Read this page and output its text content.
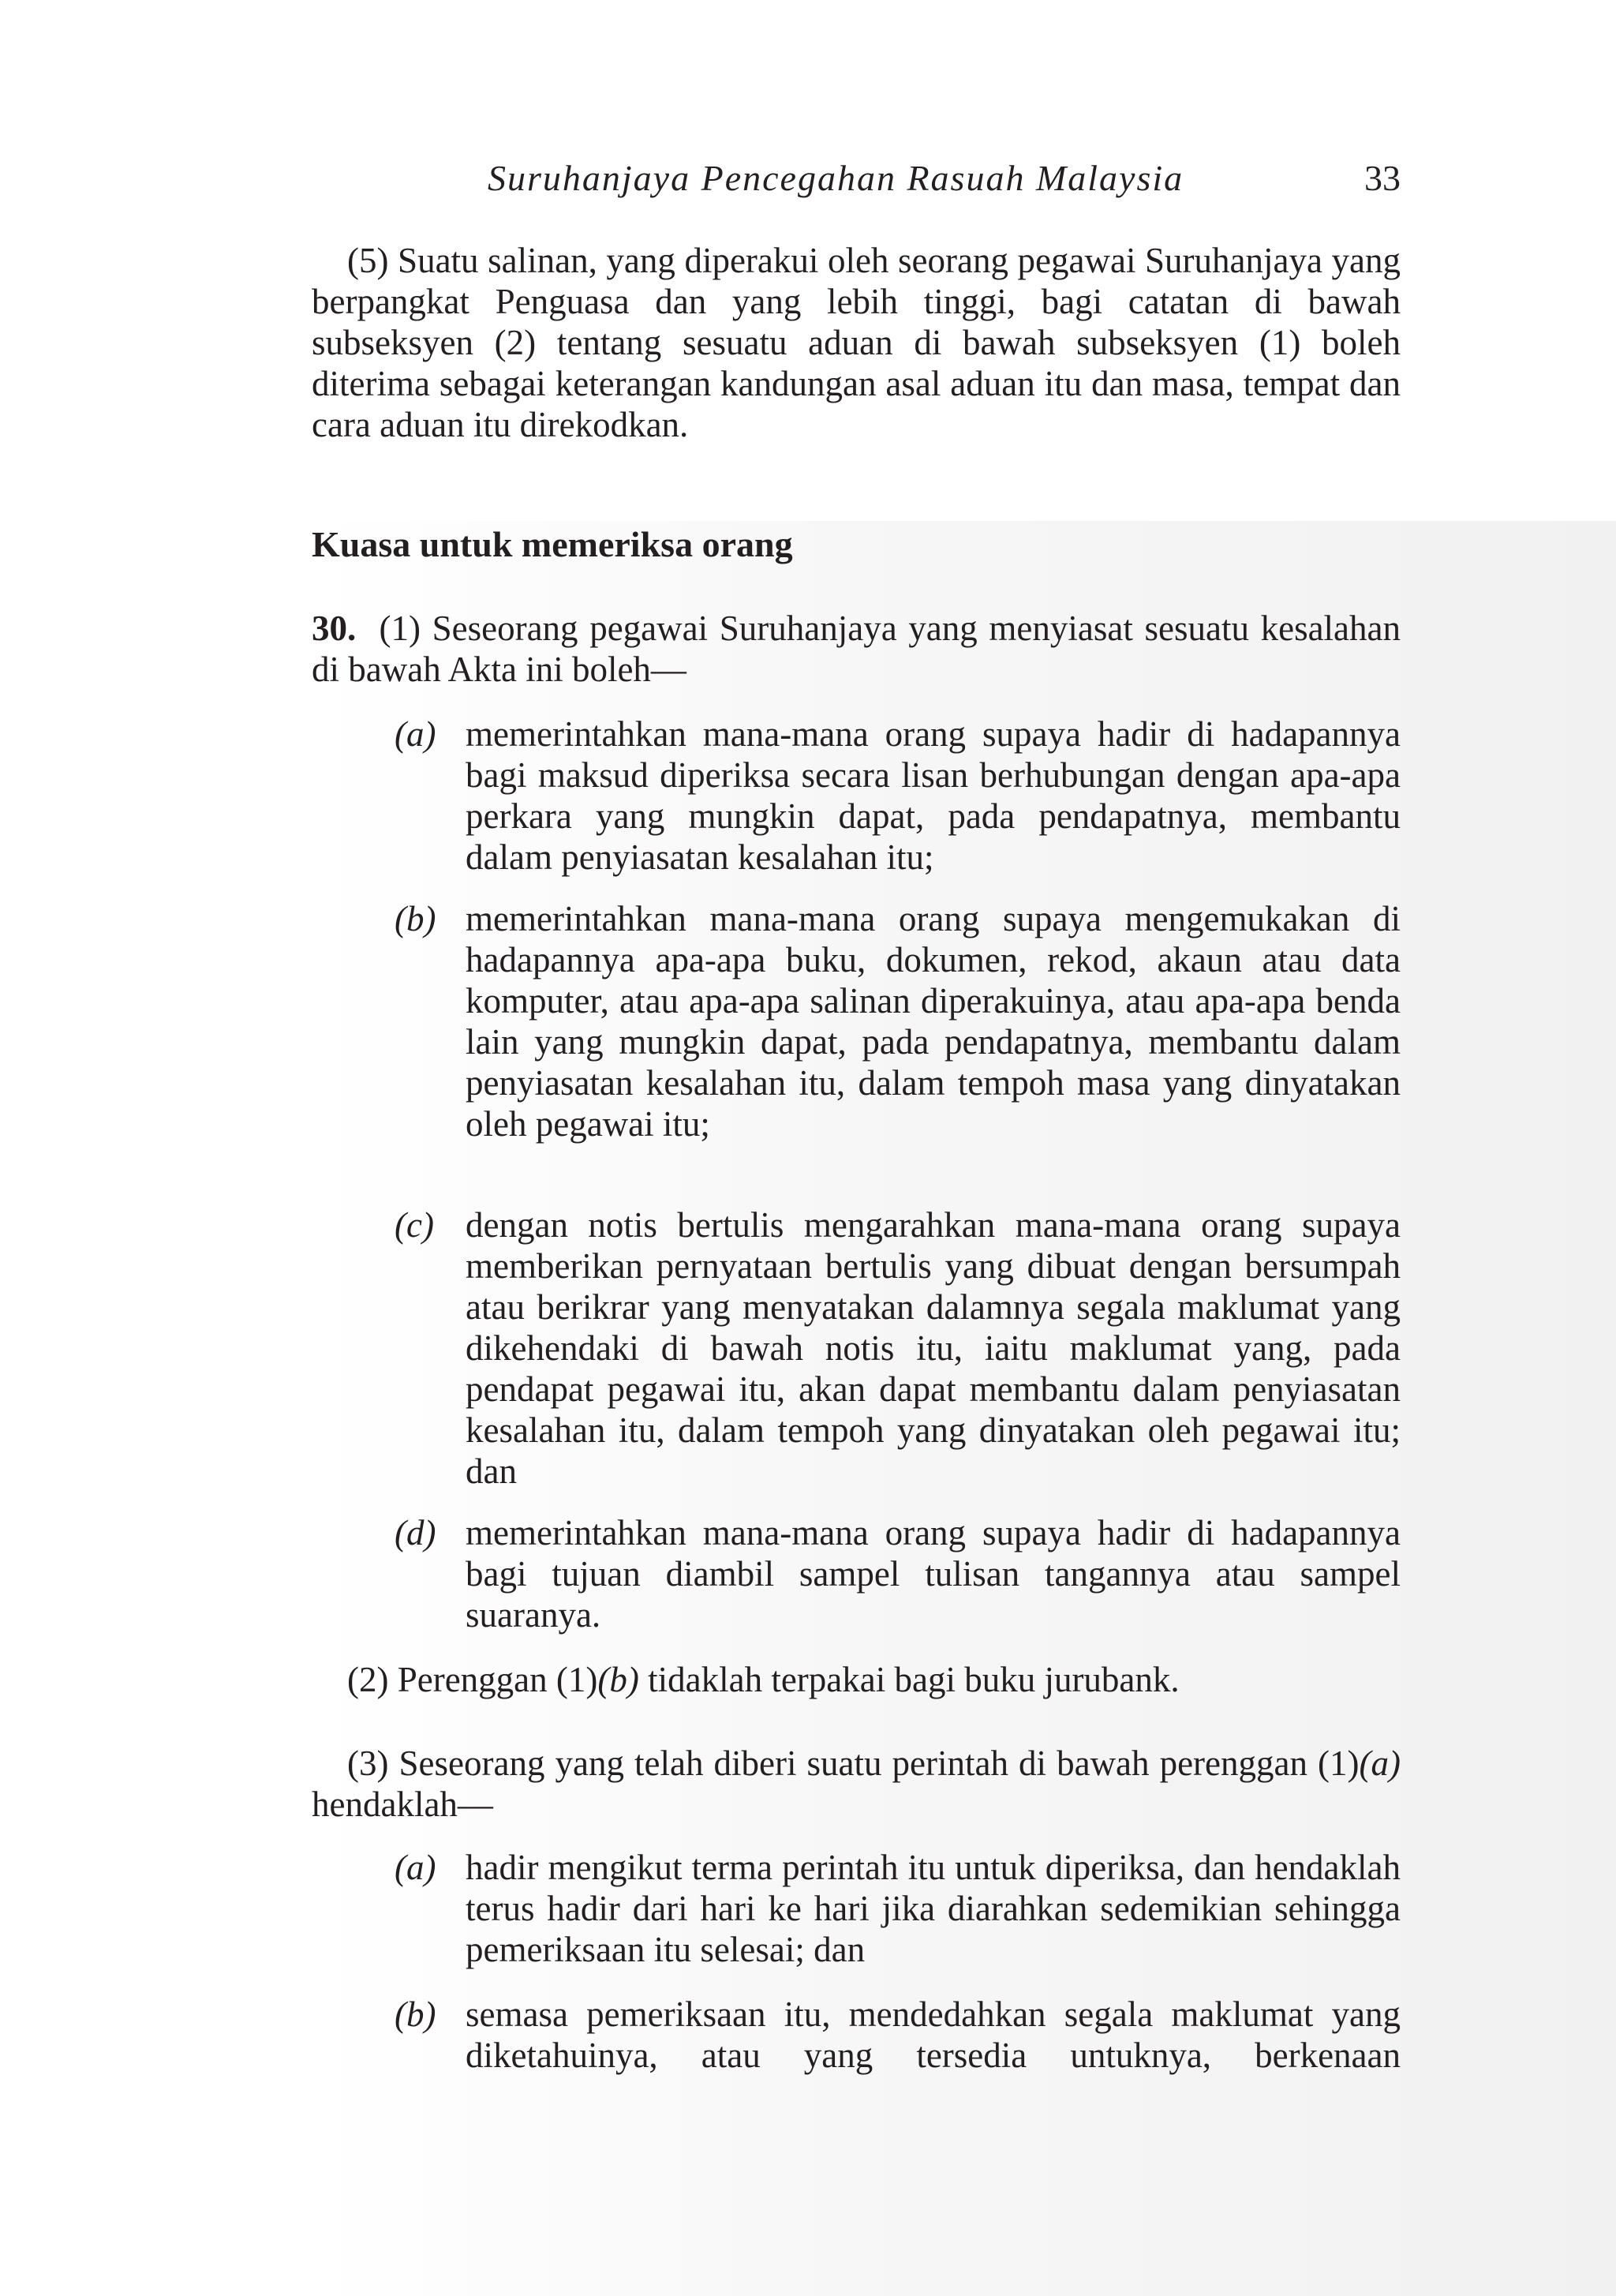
Suruhanjaya Pencegahan Rasuah Malaysia	33

(5) Suatu salinan, yang diperakui oleh seorang pegawai Suruhanjaya yang berpangkat Penguasa dan yang lebih tinggi, bagi catatan di bawah subseksyen (2) tentang sesuatu aduan di bawah subseksyen (1) boleh diterima sebagai keterangan kandungan asal aduan itu dan masa, tempat dan cara aduan itu direkodkan.

Kuasa untuk memeriksa orang

30. (1) Seseorang pegawai Suruhanjaya yang menyiasat sesuatu kesalahan di bawah Akta ini boleh—

(a) memerintahkan mana-mana orang supaya hadir di hadapannya bagi maksud diperiksa secara lisan berhubungan dengan apa-apa perkara yang mungkin dapat, pada pendapatnya, membantu dalam penyiasatan kesalahan itu;
(b) memerintahkan mana-mana orang supaya mengemukakan di hadapannya apa-apa buku, dokumen, rekod, akaun atau data komputer, atau apa-apa salinan diperakuinya, atau apa-apa benda lain yang mungkin dapat, pada pendapatnya, membantu dalam penyiasatan kesalahan itu, dalam tempoh masa yang dinyatakan oleh pegawai itu;
(c) dengan notis bertulis mengarahkan mana-mana orang supaya memberikan pernyataan bertulis yang dibuat dengan bersumpah atau berikrar yang menyatakan dalamnya segala maklumat yang dikehendaki di bawah notis itu, iaitu maklumat yang, pada pendapat pegawai itu, akan dapat membantu dalam penyiasatan kesalahan itu, dalam tempoh yang dinyatakan oleh pegawai itu; dan
(d) memerintahkan mana-mana orang supaya hadir di hadapannya bagi tujuan diambil sampel tulisan tangannya atau sampel suaranya.

(2) Perenggan (1)(b) tidaklah terpakai bagi buku jurubank.

(3) Seseorang yang telah diberi suatu perintah di bawah perenggan (1)(a) hendaklah—

(a) hadir mengikut terma perintah itu untuk diperiksa, dan hendaklah terus hadir dari hari ke hari jika diarahkan sedemikian sehingga pemeriksaan itu selesai; dan
(b) semasa pemeriksaan itu, mendedahkan segala maklumat yang diketahuinya, atau yang tersedia untuknya, berkenaan
